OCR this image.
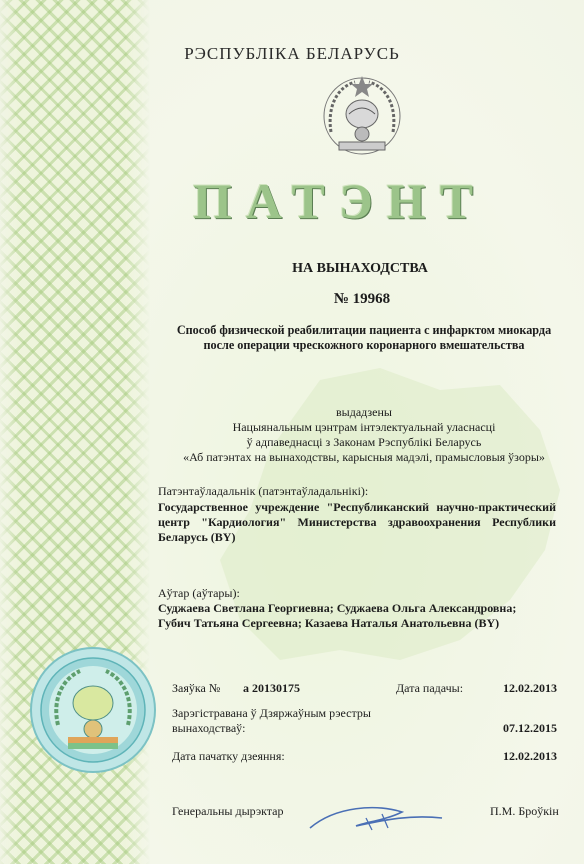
РЭСПУБЛІКА БЕЛАРУСЬ
ПАТЭНТ
НА ВЫНАХОДСТВА
№ 19968
Способ физической реабилитации пациента с инфарктом миокарда
после операции чрескожного коронарного вмешательства
выдадзены
Нацыянальным цэнтрам інтэлектуальнай уласнасці
ў адпаведнасці з Законам Рэспублікі Беларусь
«Аб патэнтах на вынаходствы, карысныя мадэлі, прамысловыя ўзоры»
Патэнтаўладальнік (патэнтаўладальнікі):
Государственное учреждение "Республиканский научно-практический центр "Кардиология" Министерства здравоохранения Республики Беларусь (BY)
Аўтар (аўтары):
Суджаева Светлана Георгиевна; Суджаева Ольга Александровна;
Губич Татьяна Сергеевна; Казаева Наталья Анатольевна (BY)
Заяўка № a 20130175	Дата падачы:	12.02.2013
Зарэгістравана ў Дзяржаўным рэестры
вынаходстваў:	07.12.2015
Дата пачатку дзеяння:	12.02.2013
Генеральны дырэктар	П.М. Броўкін
